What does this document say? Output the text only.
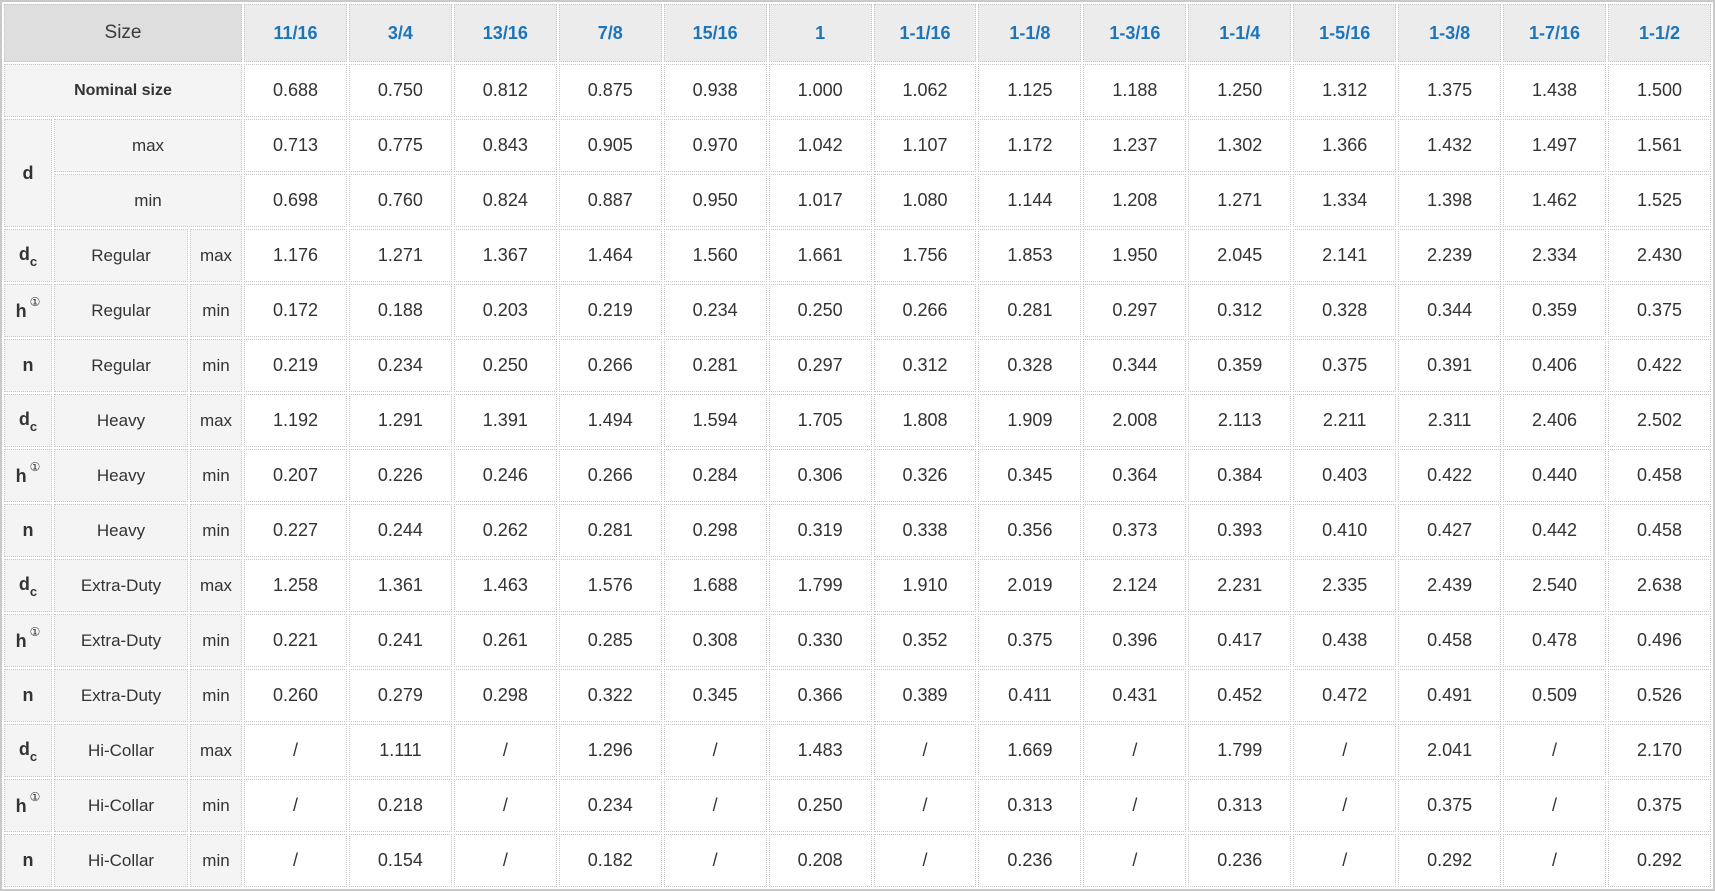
Size			11/16	3/4	13/16	7/8	15/16	1	1-1/16	1-1/8	1-3/16	1-1/4	1-5/16	1-3/8	1-7/16	1-1/2
Nominal size			0.688	0.750	0.812	0.875	0.938	1.000	1.062	1.125	1.188	1.250	1.312	1.375	1.438	1.500
d	max		0.713	0.775	0.843	0.905	0.970	1.042	1.107	1.172	1.237	1.302	1.366	1.432	1.497	1.561
	min		0.698	0.760	0.824	0.887	0.950	1.017	1.080	1.144	1.208	1.271	1.334	1.398	1.462	1.525
$d_c$	Regular	max	1.176	1.271	1.367	1.464	1.560	1.661	1.756	1.853	1.950	2.045	2.141	2.239	2.334	2.430
h ①	Regular	min	0.172	0.188	0.203	0.219	0.234	0.250	0.266	0.281	0.297	0.312	0.328	0.344	0.359	0.375
n	Regular	min	0.219	0.234	0.250	0.266	0.281	0.297	0.312	0.328	0.344	0.359	0.375	0.391	0.406	0.422
$d_c$	Heavy	max	1.192	1.291	1.391	1.494	1.594	1.705	1.808	1.909	2.008	2.113	2.211	2.311	2.406	2.502
h ①	Heavy	min	0.207	0.226	0.246	0.266	0.284	0.306	0.326	0.345	0.364	0.384	0.403	0.422	0.440	0.458
n	Heavy	min	0.227	0.244	0.262	0.281	0.298	0.319	0.338	0.356	0.373	0.393	0.410	0.427	0.442	0.458
$d_c$	Extra-Duty	max	1.258	1.361	1.463	1.576	1.688	1.799	1.910	2.019	2.124	2.231	2.335	2.439	2.540	2.638
h ①	Extra-Duty	min	0.221	0.241	0.261	0.285	0.308	0.330	0.352	0.375	0.396	0.417	0.438	0.458	0.478	0.496
n	Extra-Duty	min	0.260	0.279	0.298	0.322	0.345	0.366	0.389	0.411	0.431	0.452	0.472	0.491	0.509	0.526
$d_c$	Hi-Collar	max	/	1.111	/	1.296	/	1.483	/	1.669	/	1.799	/	2.041	/	2.170
h ①	Hi-Collar	min	/	0.218	/	0.234	/	0.250	/	0.313	/	0.313	/	0.375	/	0.375
n	Hi-Collar	min	/	0.154	/	0.182	/	0.208	/	0.236	/	0.236	/	0.292	/	0.292
